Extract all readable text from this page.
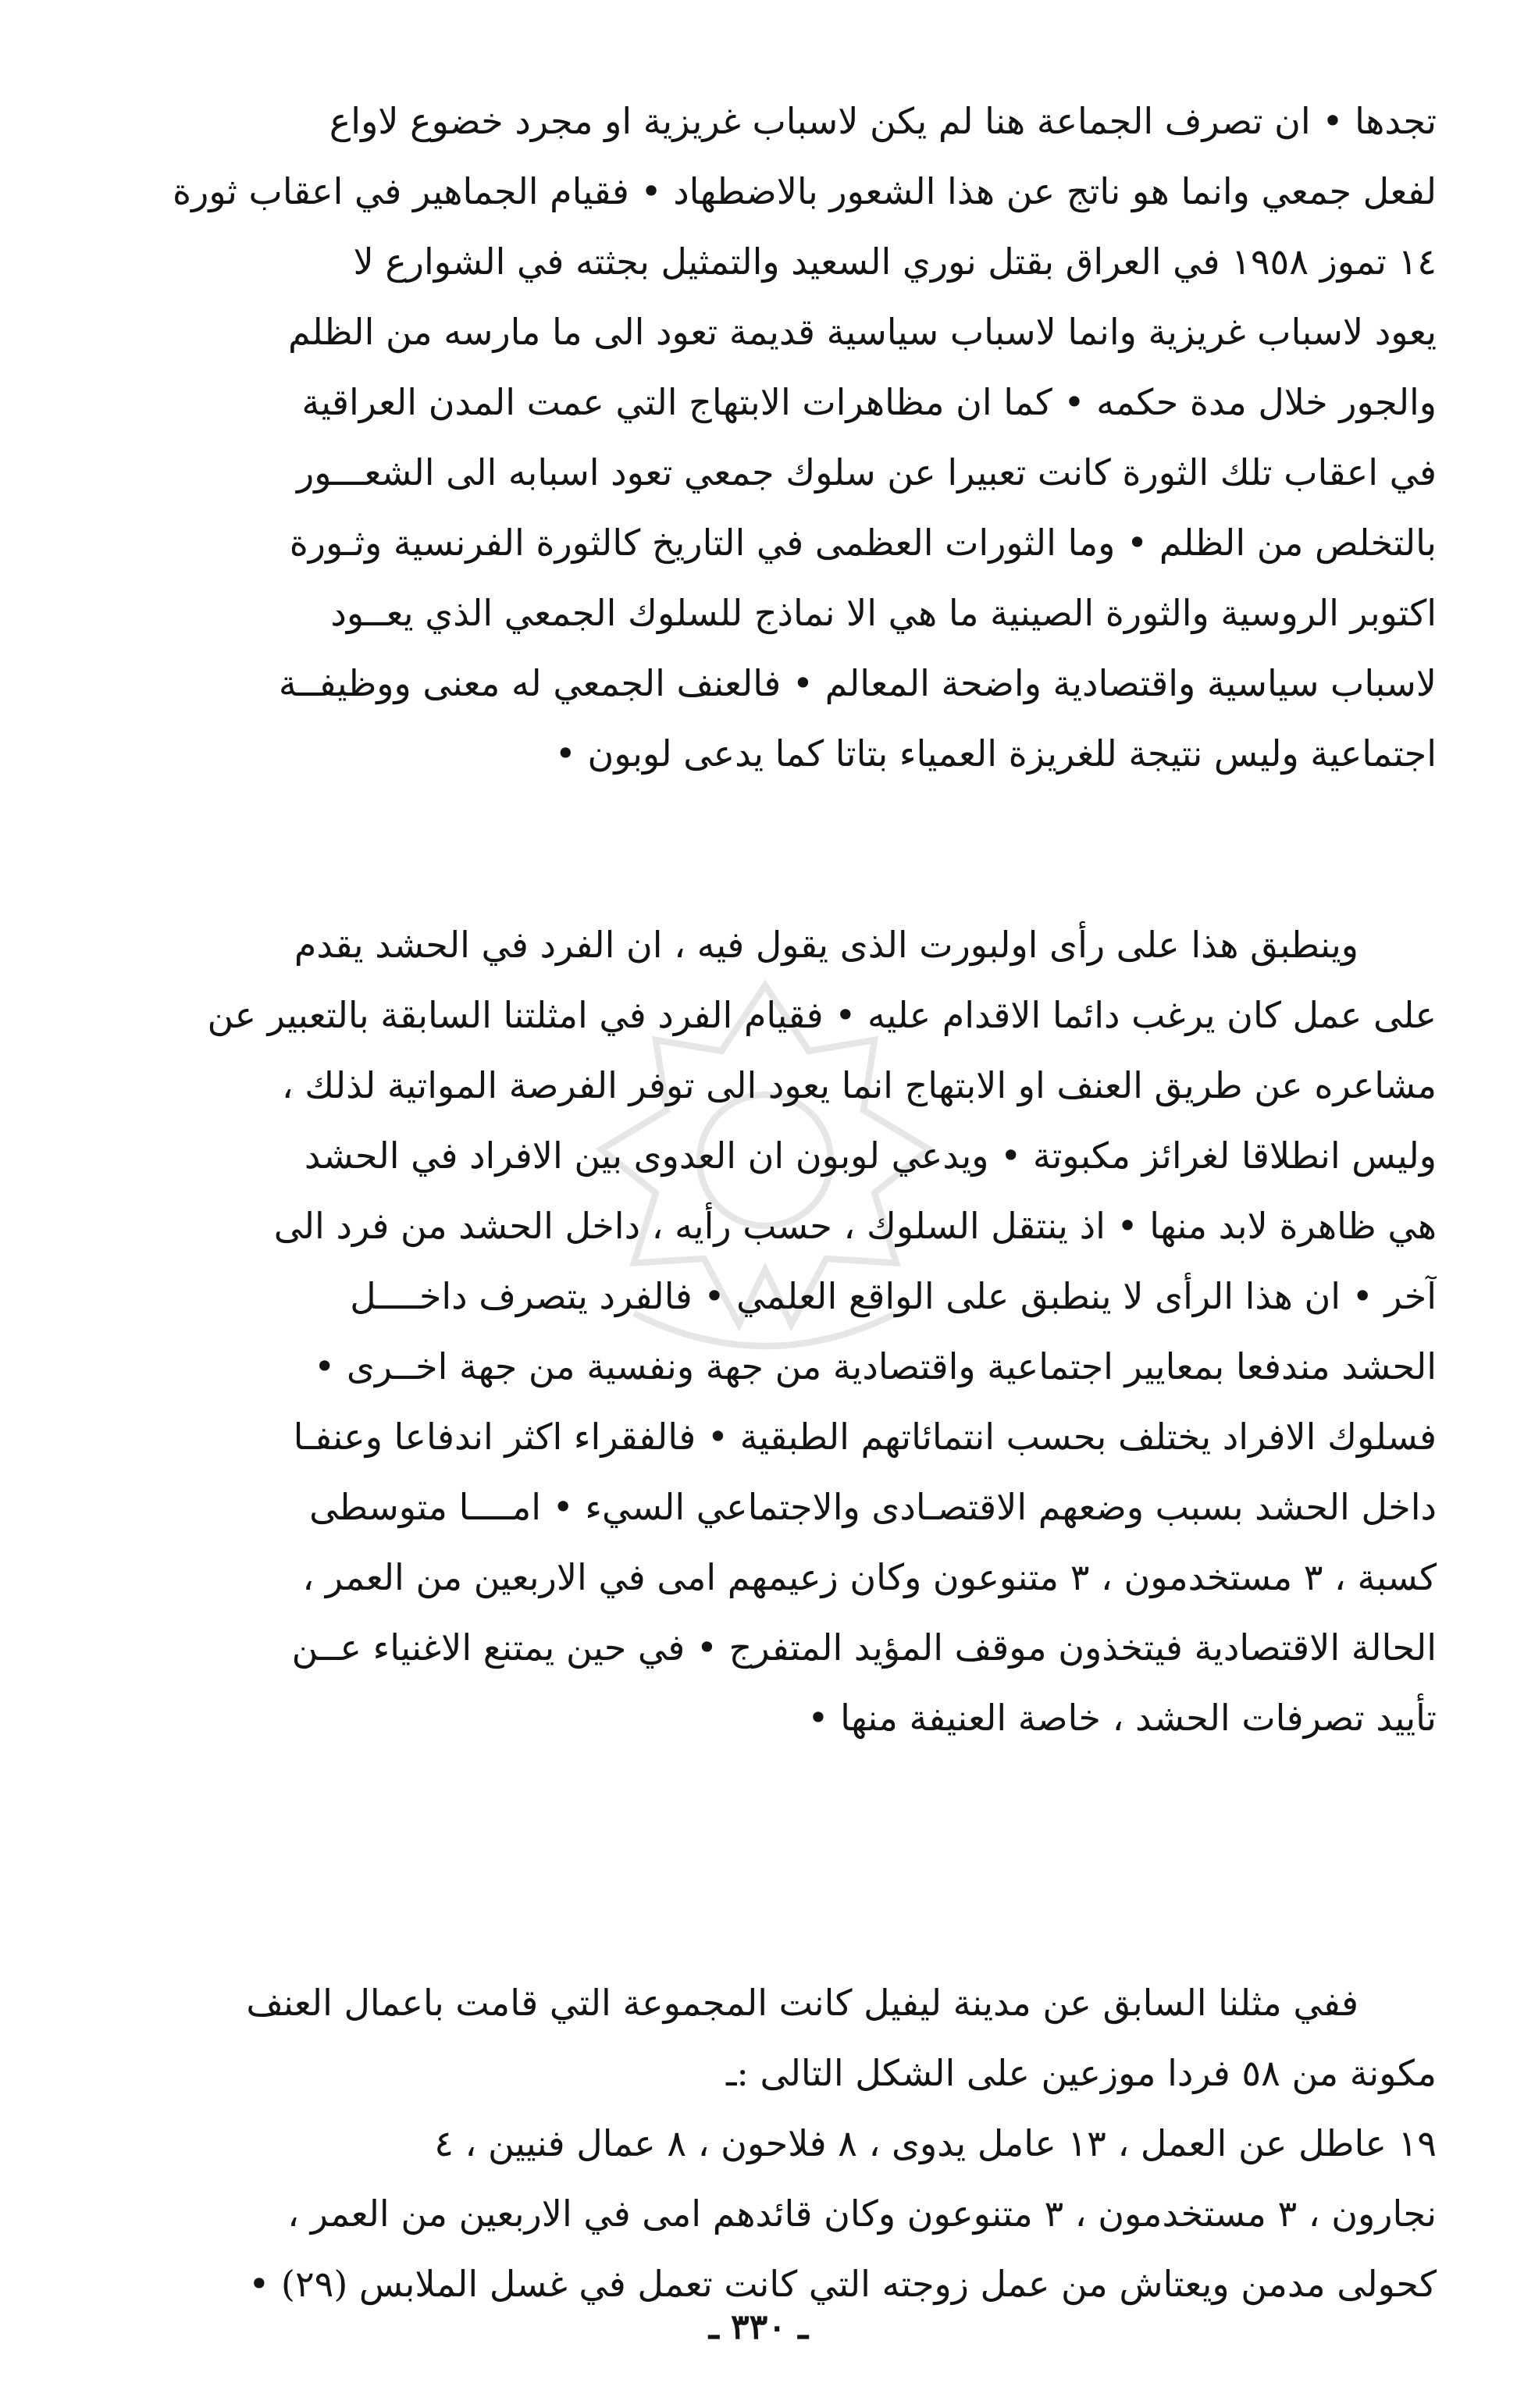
تجدها • ان تصرف الجماعة هنا لم يكن لاسباب غريزية او مجرد خضوع لاواع
لفعل جمعي وانما هو ناتج عن هذا الشعور بالاضطهاد • فقيام الجماهير في اعقاب ثورة
١٤ تموز ١٩٥٨ في العراق بقتل نوري السعيد والتمثيل بجثته في الشوارع لا
يعود لاسباب غريزية وانما لاسباب سياسية قديمة تعود الى ما مارسه من الظلم
والجور خلال مدة حكمه • كما ان مظاهرات الابتهاج التي عمت المدن العراقية
في اعقاب تلك الثورة كانت تعبيرا عن سلوك جمعي تعود اسبابه الى الشعـــور
بالتخلص من الظلم • وما الثورات العظمى في التاريخ كالثورة الفرنسية وثـورة
اكتوبر الروسية والثورة الصينية ما هي الا نماذج للسلوك الجمعي الذي يعــود
لاسباب سياسية واقتصادية واضحة المعالم • فالعنف الجمعي له معنى ووظيفــة
اجتماعية وليس نتيجة للغريزة العمياء بتاتا كما يدعى لوبون •
وينطبق هذا على رأى اولبورت الذى يقول فيه ، ان الفرد في الحشد يقدم
على عمل كان يرغب دائما الاقدام عليه • فقيام الفرد في امثلتنا السابقة بالتعبير عن
مشاعره عن طريق العنف او الابتهاج انما يعود الى توفر الفرصة المواتية لذلك ،
وليس انطلاقا لغرائز مكبوتة • ويدعي لوبون ان العدوى بين الافراد في الحشد
هي ظاهرة لابد منها • اذ ينتقل السلوك ، حسب رأيه ، داخل الحشد من فرد الى
آخر • ان هذا الرأى لا ينطبق على الواقع العلمي • فالفرد يتصرف داخــــل
الحشد مندفعا بمعايير اجتماعية واقتصادية من جهة ونفسية من جهة اخــرى •
فسلوك الافراد يختلف بحسب انتمائاتهم الطبقية • فالفقراء اكثر اندفاعا وعنفـا
داخل الحشد بسبب وضعهم الاقتصـادى والاجتماعي السيء • امــــا متوسطى
كسبة ، ٣ مستخدمون ، ٣ متنوعون وكان زعيمهم امى في الاربعين من العمر ،
الحالة الاقتصادية فيتخذون موقف المؤيد المتفرج • في حين يمتنع الاغنياء عــن
تأييد تصرفات الحشد ، خاصة العنيفة منها •
ففي مثلنا السابق عن مدينة ليفيل كانت المجموعة التي قامت باعمال العنف
مكونة من ٥٨ فردا موزعين على الشكل التالى :ـ
١٩ عاطل عن العمل ، ١٣ عامل يدوى ، ٨ فلاحون ، ٨ عمال فنيين ، ٤
نجارون ، ٣ مستخدمون ، ٣ متنوعون وكان قائدهم امى في الاربعين من العمر ،
كحولى مدمن ويعتاش من عمل زوجته التي كانت تعمل في غسل الملابس (٢٩) •
ـ ٣٣٠ ـ
